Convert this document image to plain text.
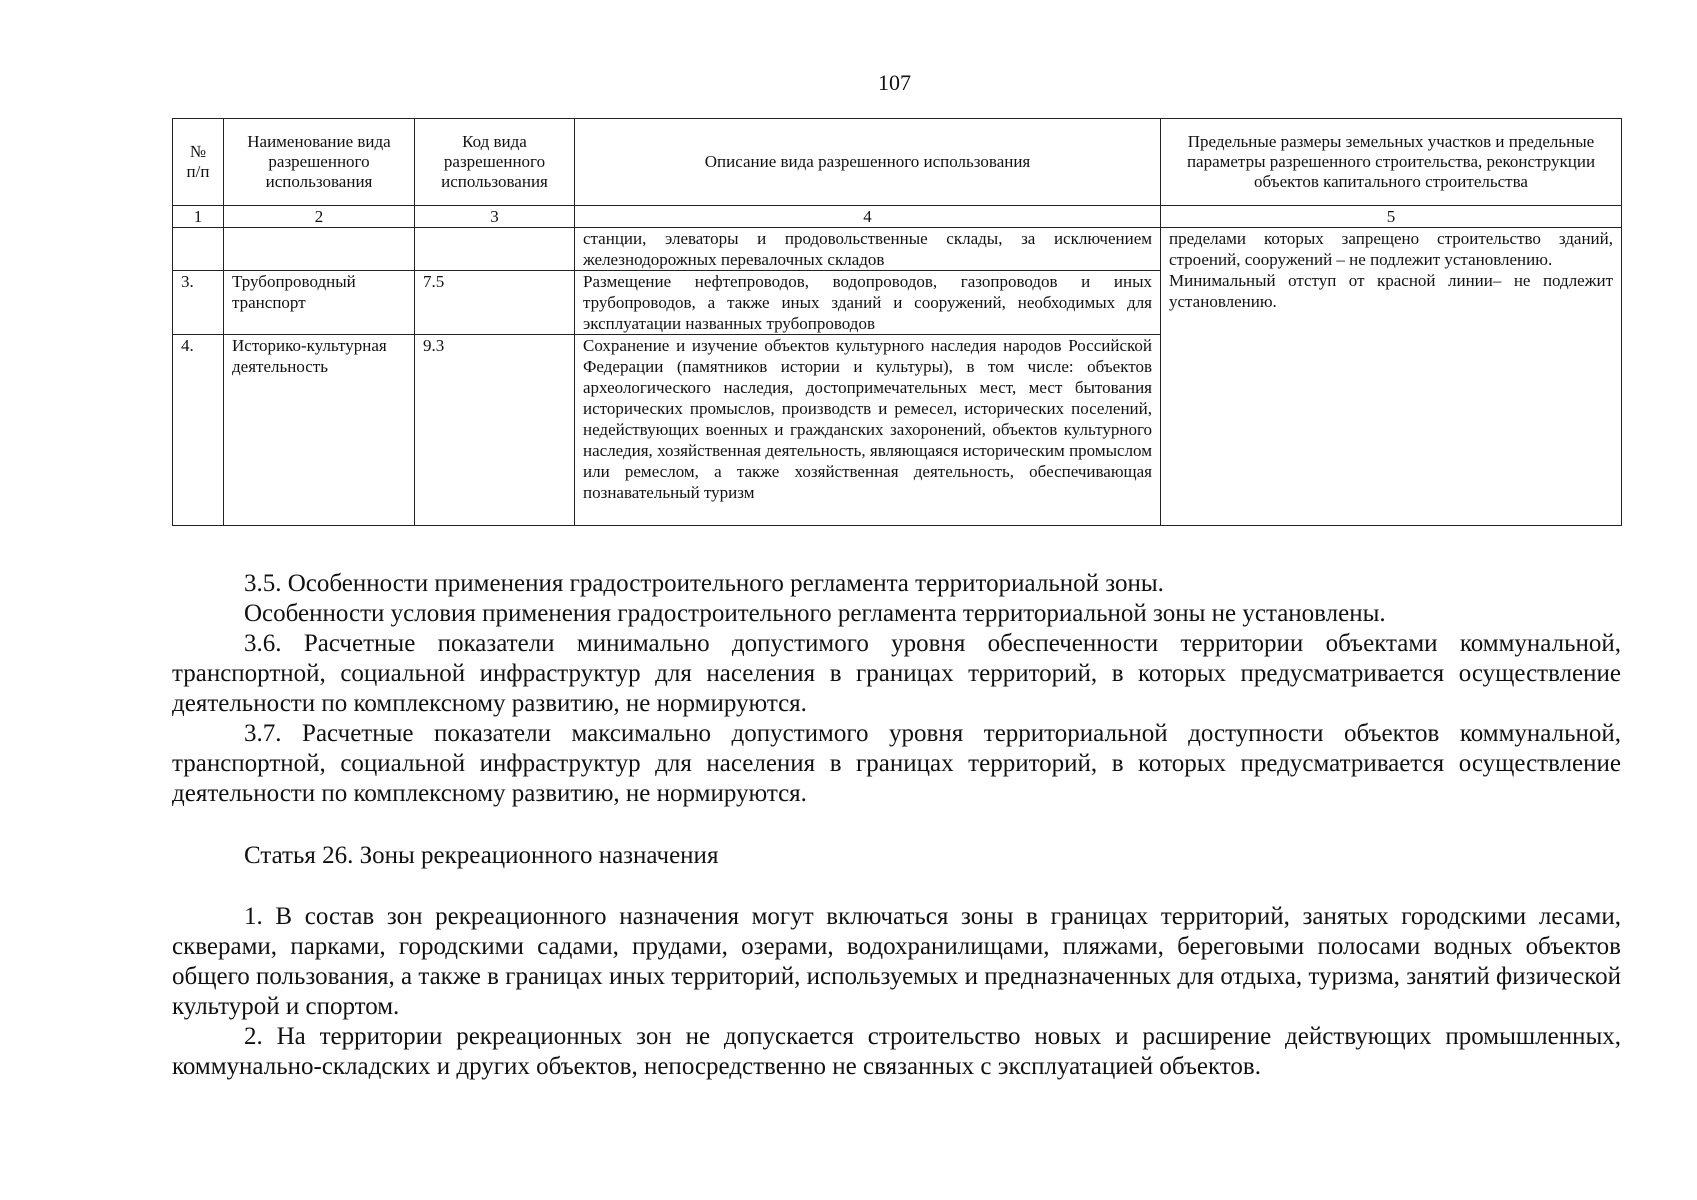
107
№ п/п	Наименование вида разрешенного использования	Код вида разрешенного использования	Описание вида разрешенного использования	Предельные размеры земельных участков и предельные параметры разрешенного строительства, реконструкции объектов капитального строительства
1	2	3	4	5
			станции, элеваторы и продовольственные склады, за исключением железнодорожных перевалочных складов	пределами которых запрещено строительство зданий, строений, сооружений – не подлежит установлению.
Минимальный отступ от красной линии– не подлежит установлению.

3.	Трубопроводный транспорт	7.5	Размещение нефтепроводов, водопроводов, газопроводов и иных трубопроводов, а также иных зданий и сооружений, необходимых для эксплуатации названных трубопроводов	
4.	Историко-культурная деятельность	9.3	Сохранение и изучение объектов культурного наследия народов Российской Федерации (памятников истории и культуры), в том числе: объектов археологического наследия, достопримечательных мест, мест бытования исторических промыслов, производств и ремесел, исторических поселений, недействующих военных и гражданских захоронений, объектов культурного наследия, хозяйственная деятельность, являющаяся историческим промыслом или ремеслом, а также хозяйственная деятельность, обеспечивающая познавательный туризм	

3.5. Особенности применения градостроительного регламента территориальной зоны.

Особенности условия применения градостроительного регламента территориальной зоны не установлены.

3.6. Расчетные показатели минимально допустимого уровня обеспеченности территории объектами коммунальной, транспортной, социальной инфраструктур для населения в границах территорий, в которых предусматривается осуществление деятельности по комплексному развитию, не нормируются.

3.7. Расчетные показатели максимально допустимого уровня территориальной доступности объектов коммунальной, транспортной, социальной инфраструктур для населения в границах территорий, в которых предусматривается осуществление деятельности по комплексному развитию, не нормируются.

Статья 26. Зоны рекреационного назначения

1. В состав зон рекреационного назначения могут включаться зоны в границах территорий, занятых городскими лесами, скверами, парками, городскими садами, прудами, озерами, водохранилищами, пляжами, береговыми полосами водных объектов общего пользования, а также в границах иных территорий, используемых и предназначенных для отдыха, туризма, занятий физической культурой и спортом.

2. На территории рекреационных зон не допускается строительство новых и расширение действующих промышленных, коммунально-складских и других объектов, непосредственно не связанных с эксплуатацией объектов.
